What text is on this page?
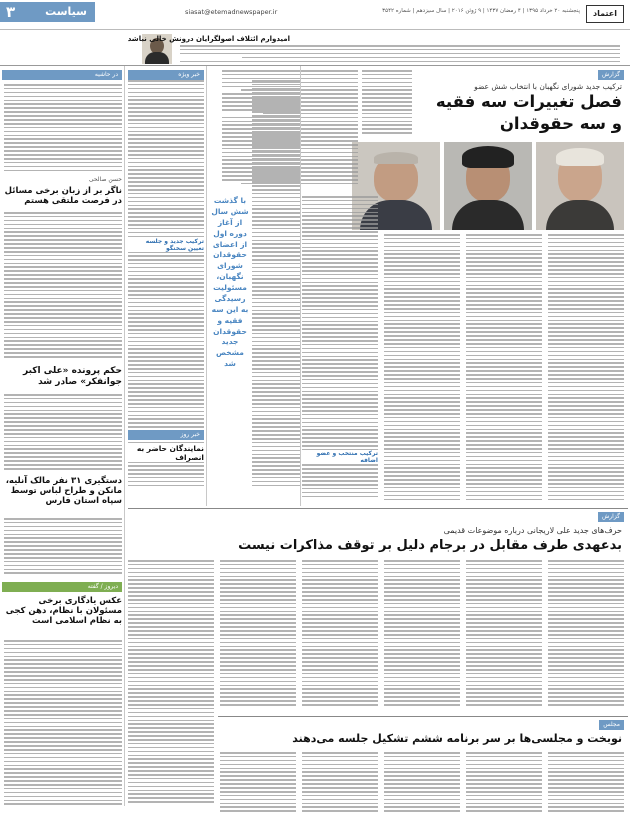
۳	سیاست	siasat@etemadnewspaper.ir	پنجشنبه ۲۰ خرداد ۱۳۹۵ | ۴ رمضان ۱۴۳۷ | ۹ ژوئن ۲۰۱۶ | سال سیزدهم | شماره ۳۵۴۲	اعتماد
امیدوارم ائتلاف اصولگرایان درونش خالی نباشد
گزارش
ترکیب جدید شورای نگهبان با انتخاب شش عضو
فصل تغییرات سه فقیه
و سه حقوقدان
با گذشت شش سال از آغاز دوره اول از اعضای حقوقدان شورای نگهبان، مسئولیت رسیدگی به این سه فقیه و حقوقدان جدید مشخص شد
ترکیب جدید و جلسه تعیین سخنگو
ترکیب منتخب و عضو اضافه
در حاشیه
حسن صالحی
ناگر بر از زبان برخی مسائل در فرصت ملتقی هستم
حکم پرونده «علی اکبر جوانفکر» صادر شد
دستگیری ۳۱ نفر مالک آنلیه، مانکن و طراح لباس توسط سپاه استان فارس
دیروز / گفته
عکس یادگاری برخی مسئولان با نظام، دهن کجی به نظام اسلامی است
خبر ویژه
خبر روز
نمایندگان حاضر به انصراف
گزارش
حرف‌های جدید علی لاریجانی درباره موضوعات قدیمی
بدعهدی طرف مقابل در برجام دلیل بر توقف مذاکرات نیست
مجلس
نوبخت و مجلسی‌ها بر سر برنامه ششم تشکیل جلسه می‌دهند
